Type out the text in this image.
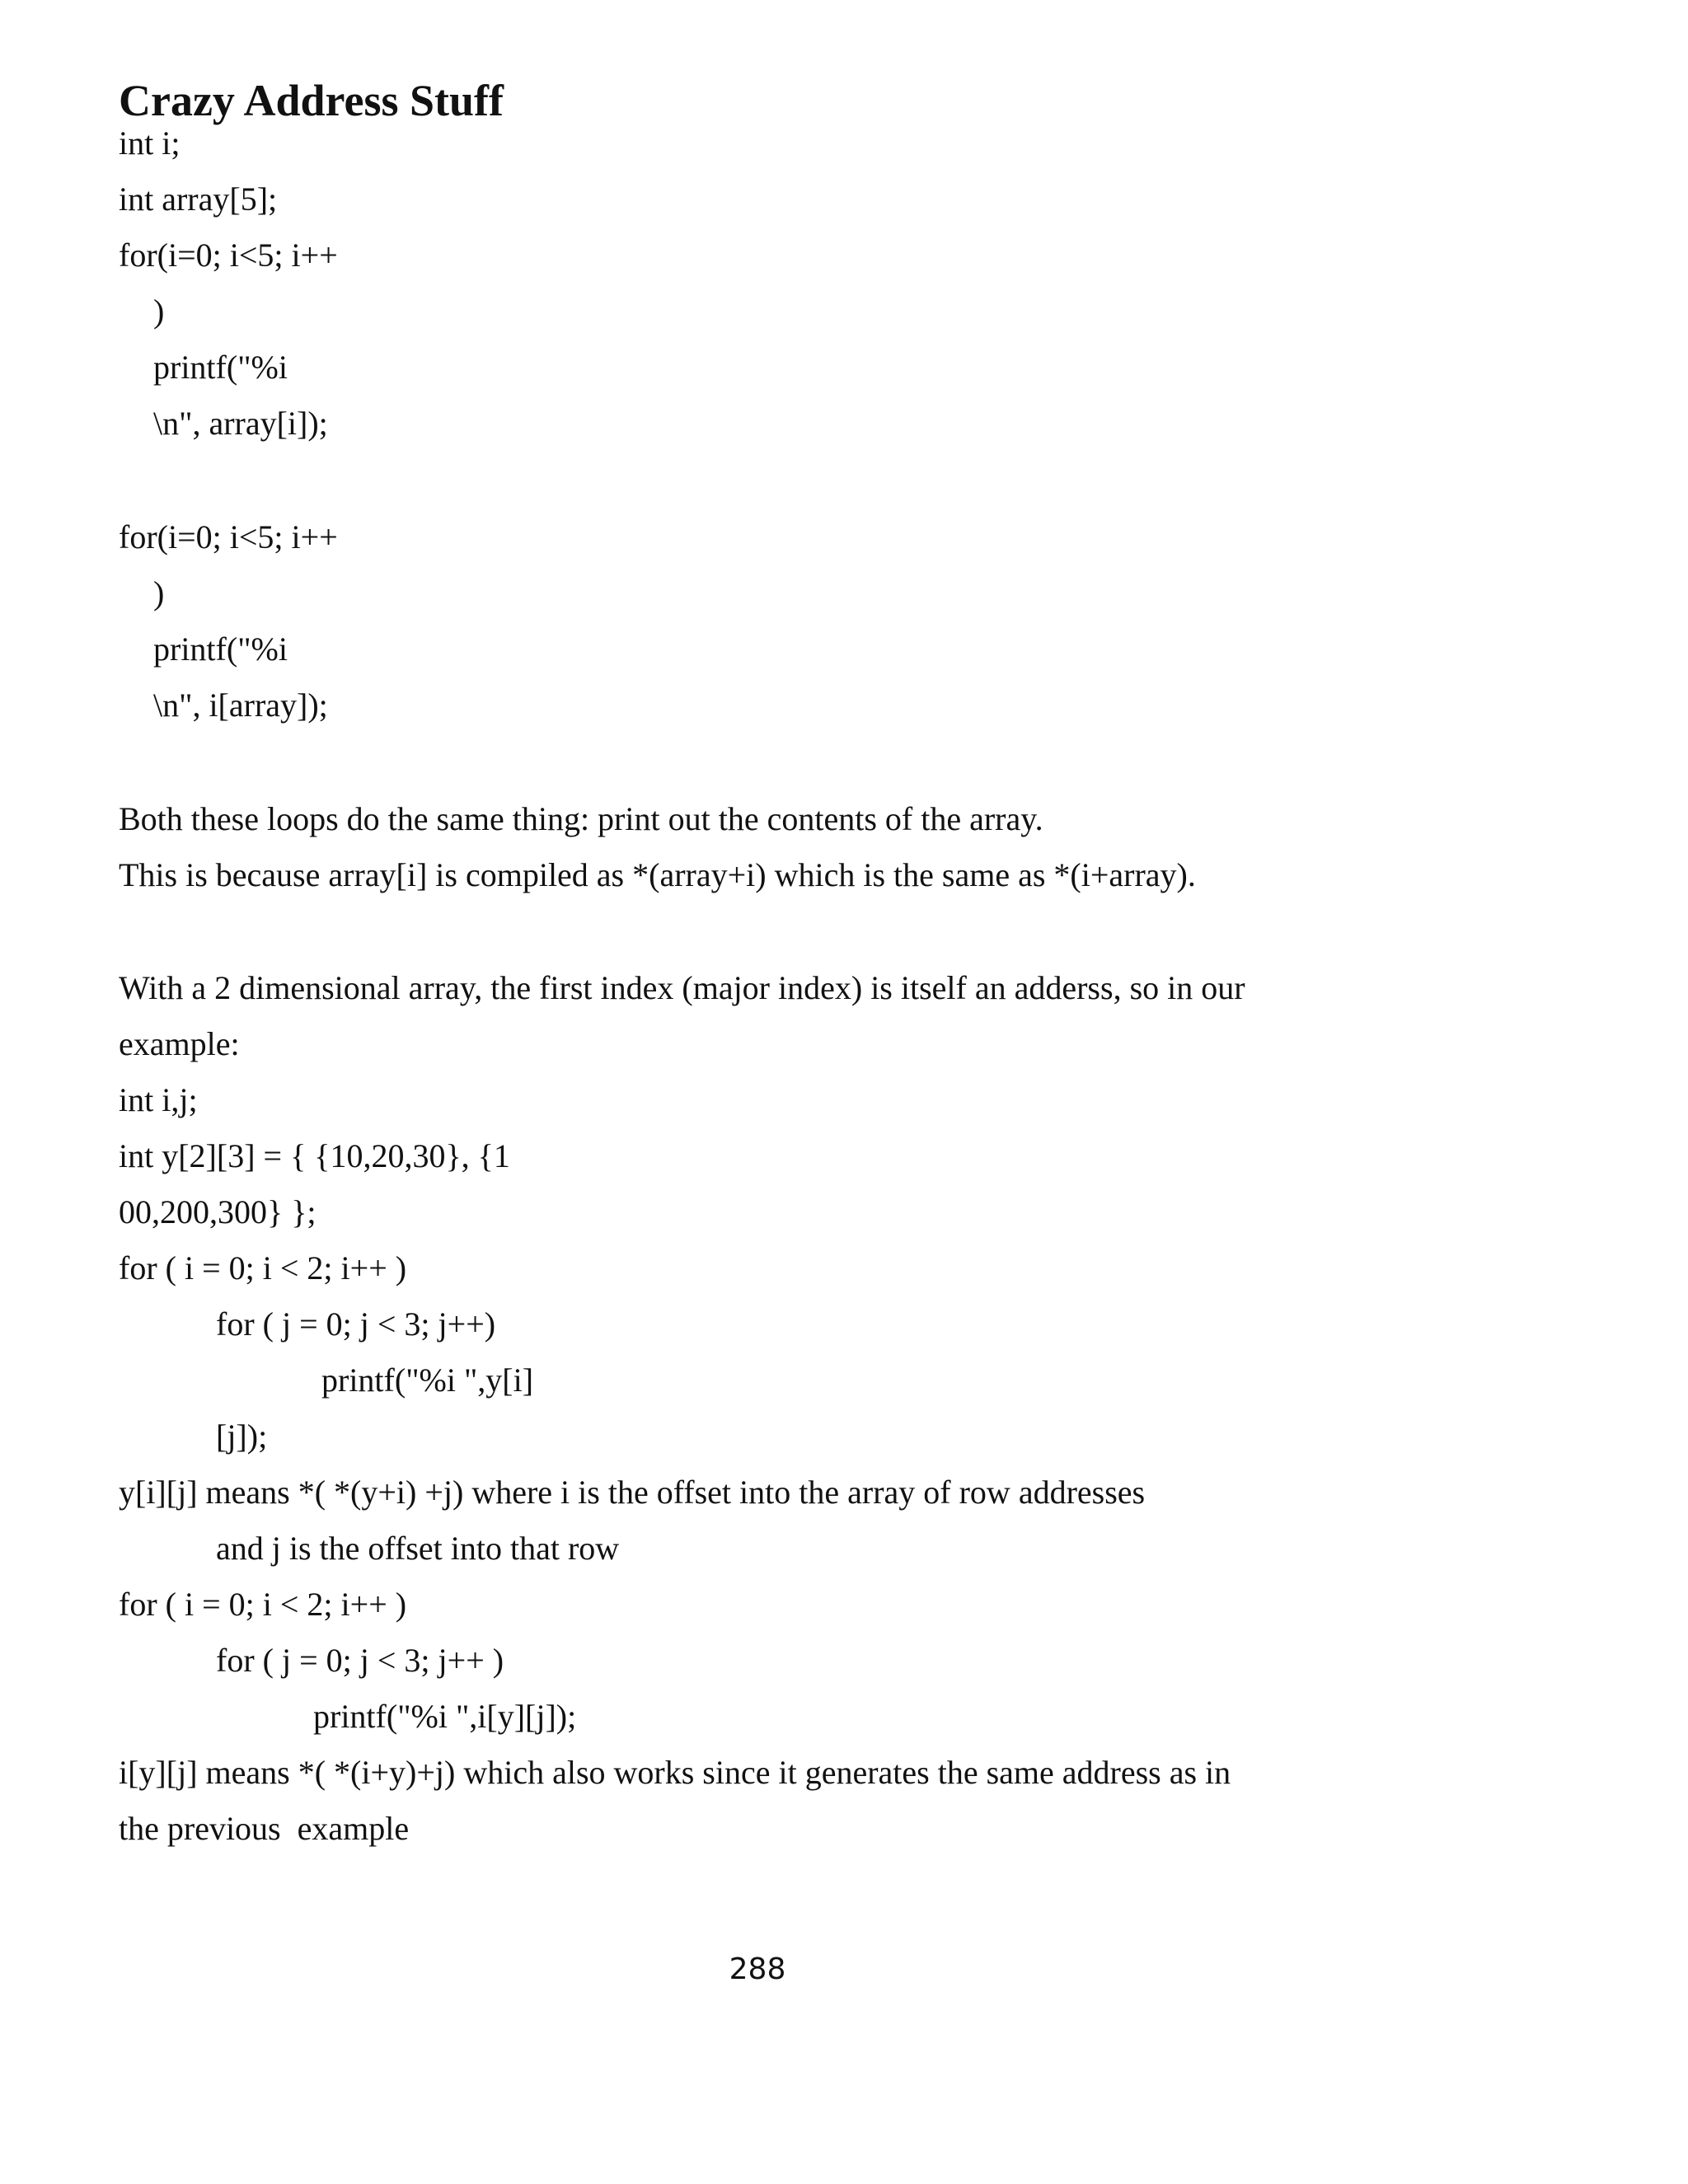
Crazy Address Stuff
int i;
int array[5];
for(i=0; i<5; i++
)
printf("%i
\n", array[i]);
for(i=0; i<5; i++
)
printf("%i
\n", i[array]);
Both these loops do the same thing: print out the contents of the array.
This is because array[i] is compiled as *(array+i) which is the same as *(i+array).
With a 2 dimensional array, the first index (major index) is itself an adderss, so in our
example:
int i,j;
int y[2][3] = { {10,20,30}, {1
00,200,300} };
for ( i = 0; i < 2; i++ )
for ( j = 0; j < 3; j++)
printf("%i ",y[i]
[j]);
y[i][j] means *( *(y+i) +j) where i is the offset into the array of row addresses
and j is the offset into that row
for ( i = 0; i < 2; i++ )
for ( j = 0; j < 3; j++ )
printf("%i ",i[y][j]);
i[y][j] means *( *(i+y)+j) which also works since it generates the same address as in
the previous  example
288
